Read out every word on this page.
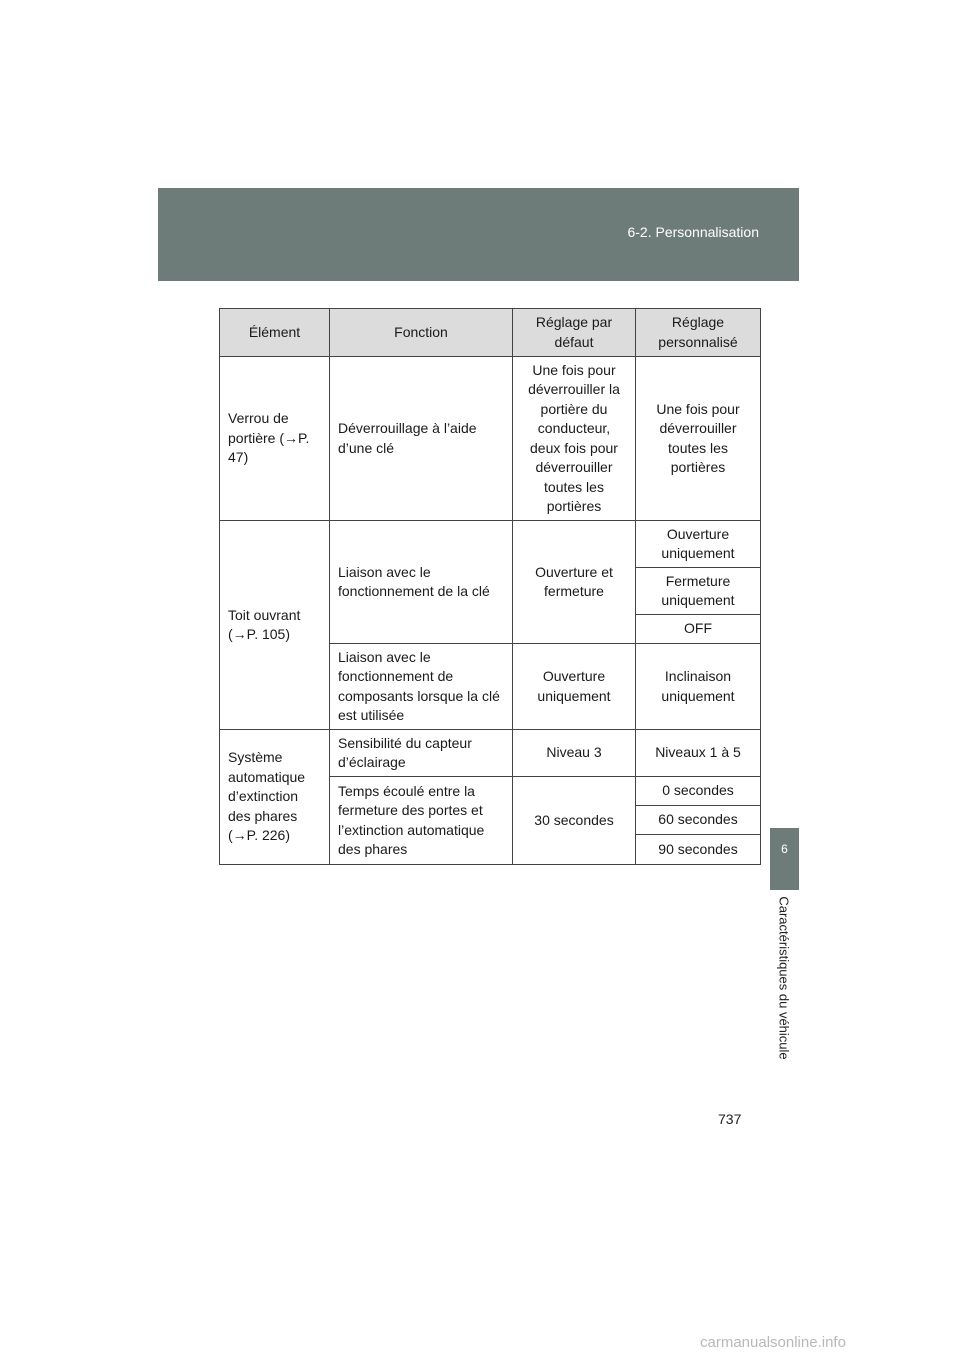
6-2. Personnalisation
Élément	Fonction	Réglage par défaut	Réglage personnalisé
Verrou de portière (→P. 47)	Déverrouillage à l’aide d’une clé	Une fois pour déverrouiller la portière du conducteur, deux fois pour déverrouiller toutes les portières	Une fois pour déverrouiller toutes les portières
Toit ouvrant (→P. 105)	Liaison avec le fonctionnement de la clé	Ouverture et fermeture	Ouverture uniquement
			Fermeture uniquement
			OFF
	Liaison avec le fonctionnement de composants lorsque la clé est utilisée	Ouverture uniquement	Inclinaison uniquement
Système automatique d’extinction des phares (→P. 226)	Sensibilité du capteur d’éclairage	Niveau 3	Niveaux 1 à 5
	Temps écoulé entre la fermeture des portes et l’extinction automatique des phares	30 secondes	0 secondes
			60 secondes
			90 secondes	6
Caractéristiques du véhicule
737
carmanualsonline.info
